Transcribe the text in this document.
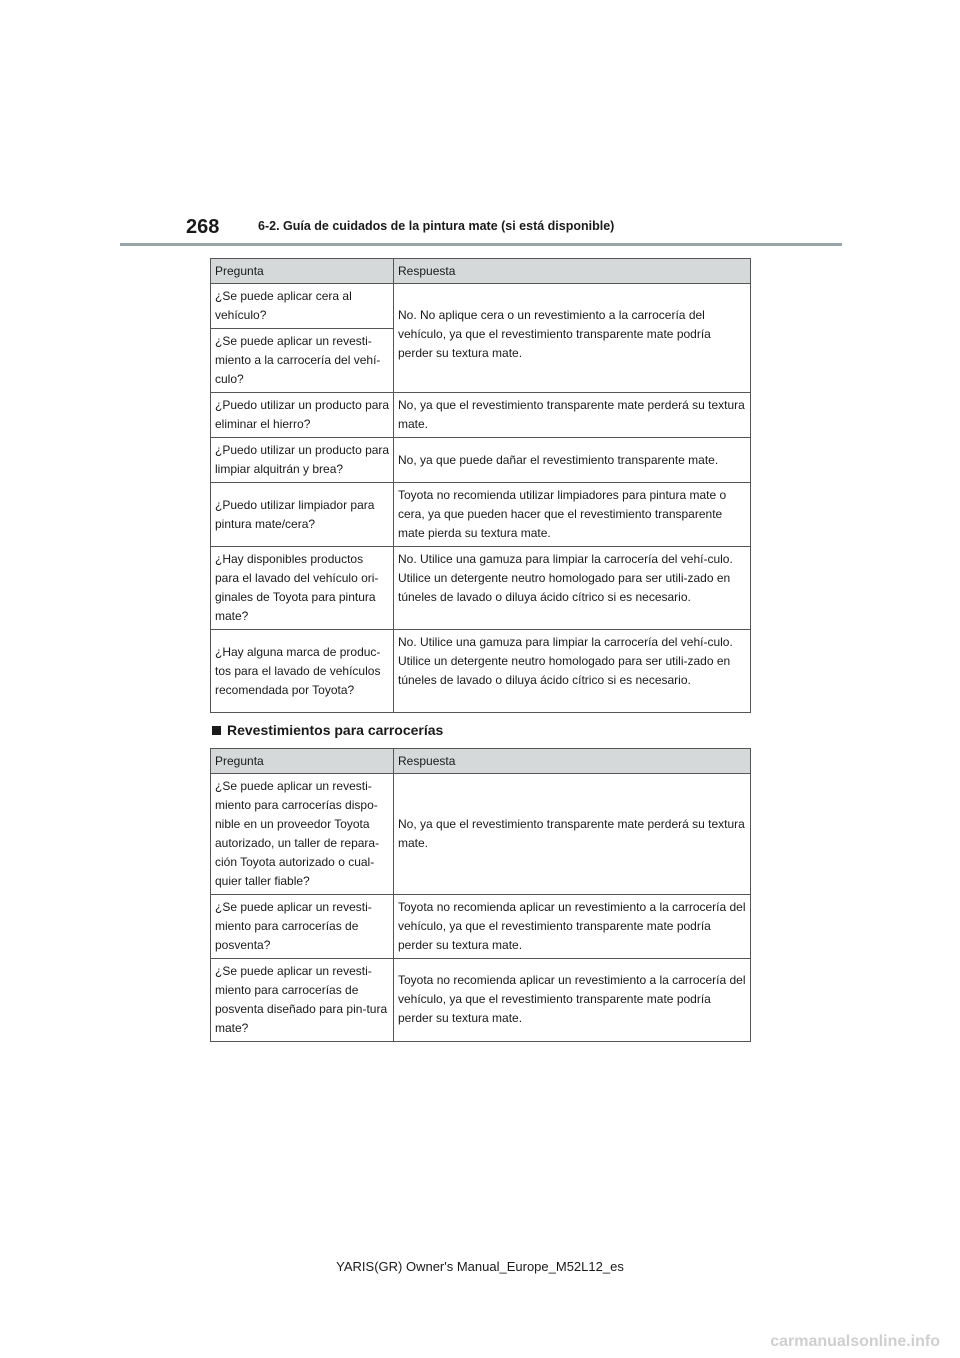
268	6-2. Guía de cuidados de la pintura mate (si está disponible)
Pregunta	Respuesta
¿Se puede aplicar cera al vehículo?	No. No aplique cera o un revestimiento a la carrocería del vehículo, ya que el revestimiento transparente mate podría perder su textura mate.
¿Se puede aplicar un revesti-miento a la carrocería del vehí-culo?	
¿Puedo utilizar un producto para eliminar el hierro?	No, ya que el revestimiento transparente mate perderá su textura mate.
¿Puedo utilizar un producto para limpiar alquitrán y brea?	No, ya que puede dañar el revestimiento transparente mate.
¿Puedo utilizar limpiador para pintura mate/cera?	Toyota no recomienda utilizar limpiadores para pintura mate o cera, ya que pueden hacer que el revestimiento transparente mate pierda su textura mate.
¿Hay disponibles productos para el lavado del vehículo ori-ginales de Toyota para pintura mate?	No. Utilice una gamuza para limpiar la carrocería del vehí-culo. Utilice un detergente neutro homologado para ser utili-zado en túneles de lavado o diluya ácido cítrico si es necesario.
¿Hay alguna marca de produc-tos para el lavado de vehículos recomendada por Toyota?	No. Utilice una gamuza para limpiar la carrocería del vehí-culo. Utilice un detergente neutro homologado para ser utili-zado en túneles de lavado o diluya ácido cítrico si es necesario.
Revestimientos para carrocerías
Pregunta	Respuesta
¿Se puede aplicar un revesti-miento para carrocerías dispo-nible en un proveedor Toyota autorizado, un taller de repara-ción Toyota autorizado o cual-quier taller fiable?	No, ya que el revestimiento transparente mate perderá su textura mate.
¿Se puede aplicar un revesti-miento para carrocerías de posventa?	Toyota no recomienda aplicar un revestimiento a la carrocería del vehículo, ya que el revestimiento transparente mate podría perder su textura mate.
¿Se puede aplicar un revesti-miento para carrocerías de posventa diseñado para pin-tura mate?	Toyota no recomienda aplicar un revestimiento a la carrocería del vehículo, ya que el revestimiento transparente mate podría perder su textura mate.
YARIS(GR) Owner's Manual_Europe_M52L12_es
carmanualsonline.info
